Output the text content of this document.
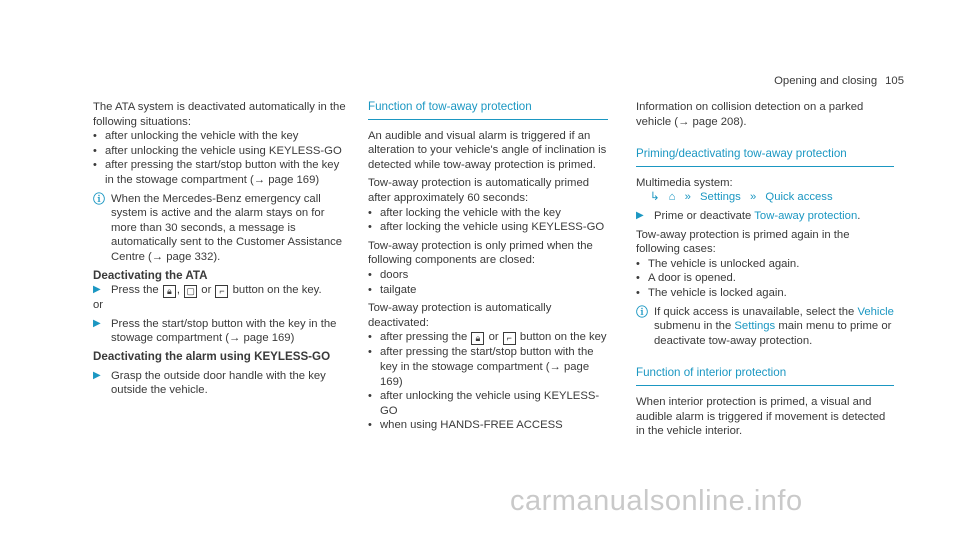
Opening and closing 105

The ATA system is deactivated automatically in the following situations:

• after unlocking the vehicle with the key
• after unlocking the vehicle using KEYLESS-GO
• after pressing the start/stop button with the key in the stowage compartment (→ page 169)
ⓘ When the Mercedes-Benz emergency call system is active and the alarm stays on for more than 30 seconds, a message is automatically sent to the Customer Assistance Centre (→ page 332).

Deactivating the ATA

▶ Press the 🔒︎ , ▢ or ⌐ button on the key.

or

▶ Press the start/stop button with the key in the stowage compartment (→ page 169)

Deactivating the alarm using KEYLESS-GO

▶ Grasp the outside door handle with the key outside the vehicle.

Function of tow-away protection

An audible and visual alarm is triggered if an alteration to your vehicle's angle of inclination is detected while tow-away protection is primed.

Tow-away protection is automatically primed after approximately 60 seconds:

• after locking the vehicle with the key
• after locking the vehicle using KEYLESS-GO

Tow-away protection is only primed when the following components are closed:

• doors
• tailgate

Tow-away protection is automatically deactivated:

• after pressing the 🔒︎ or ⌐ button on the key
• after pressing the start/stop button with the key in the stowage compartment (→ page 169)
• after unlocking the vehicle using KEYLESS-GO
• when using HANDS-FREE ACCESS

Information on collision detection on a parked vehicle (→ page 208).

Priming/deactivating tow-away protection

Multimedia system:

↳ ⌂ » Settings » Quick access

▶ Prime or deactivate Tow-away protection.

Tow-away protection is primed again in the following cases:

• The vehicle is unlocked again.
• A door is opened.
• The vehicle is locked again.
ⓘ If quick access is unavailable, select the Vehicle submenu in the Settings main menu to prime or deactivate tow-away protection.

Function of interior protection

When interior protection is primed, a visual and audible alarm is triggered if movement is detected in the vehicle interior.

carmanualsonline.info
